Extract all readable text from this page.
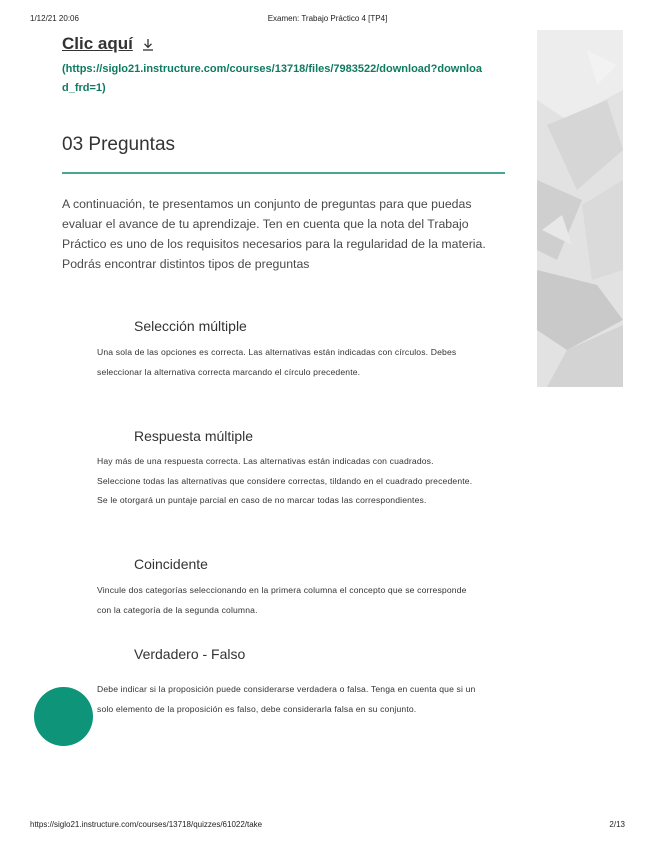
1/12/21 20:06	Examen: Trabajo Práctico 4 [TP4]
Clic aquí
(https://siglo21.instructure.com/courses/13718/files/7983522/download?download_frd=1)
03 Preguntas

A continuación, te presentamos un conjunto de preguntas para que puedas evaluar el avance de tu aprendizaje. Ten en cuenta que la nota del Trabajo Práctico es uno de los requisitos necesarios para la regularidad de la materia. Podrás encontrar distintos tipos de preguntas

Selección múltiple

Una sola de las opciones es correcta. Las alternativas están indicadas con círculos. Debes seleccionar la alternativa correcta marcando el círculo precedente.

Respuesta múltiple

Hay más de una respuesta correcta. Las alternativas están indicadas con cuadrados. Seleccione todas las alternativas que considere correctas, tildando en el cuadrado precedente. Se le otorgará un puntaje parcial en caso de no marcar todas las correspondientes.

Coincidente

Vincule dos categorías seleccionando en la primera columna el concepto que se corresponde con la categoría de la segunda columna.

Verdadero - Falso

Debe indicar si la proposición puede considerarse verdadera o falsa. Tenga en cuenta que si un solo elemento de la proposición es falso, debe considerarla falsa en su conjunto.

https://siglo21.instructure.com/courses/13718/quizzes/61022/take	2/13
